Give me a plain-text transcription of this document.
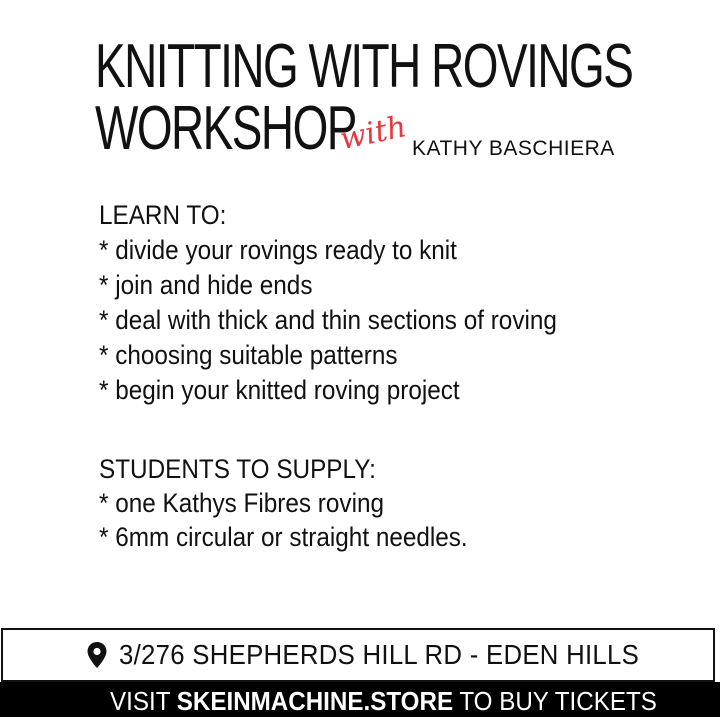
KNITTING WITH ROVINGS
WORKSHOP
with KATHY BASCHIERA
LEARN TO:
* divide your rovings ready to knit
* join and hide ends
* deal with thick and thin sections of roving
* choosing suitable patterns
* begin your knitted roving project
STUDENTS TO SUPPLY:
* one Kathys Fibres roving
* 6mm circular or straight needles.
3/276 SHEPHERDS HILL RD - EDEN HILLS
VISIT SKEINMACHINE.STORE TO BUY TICKETS
